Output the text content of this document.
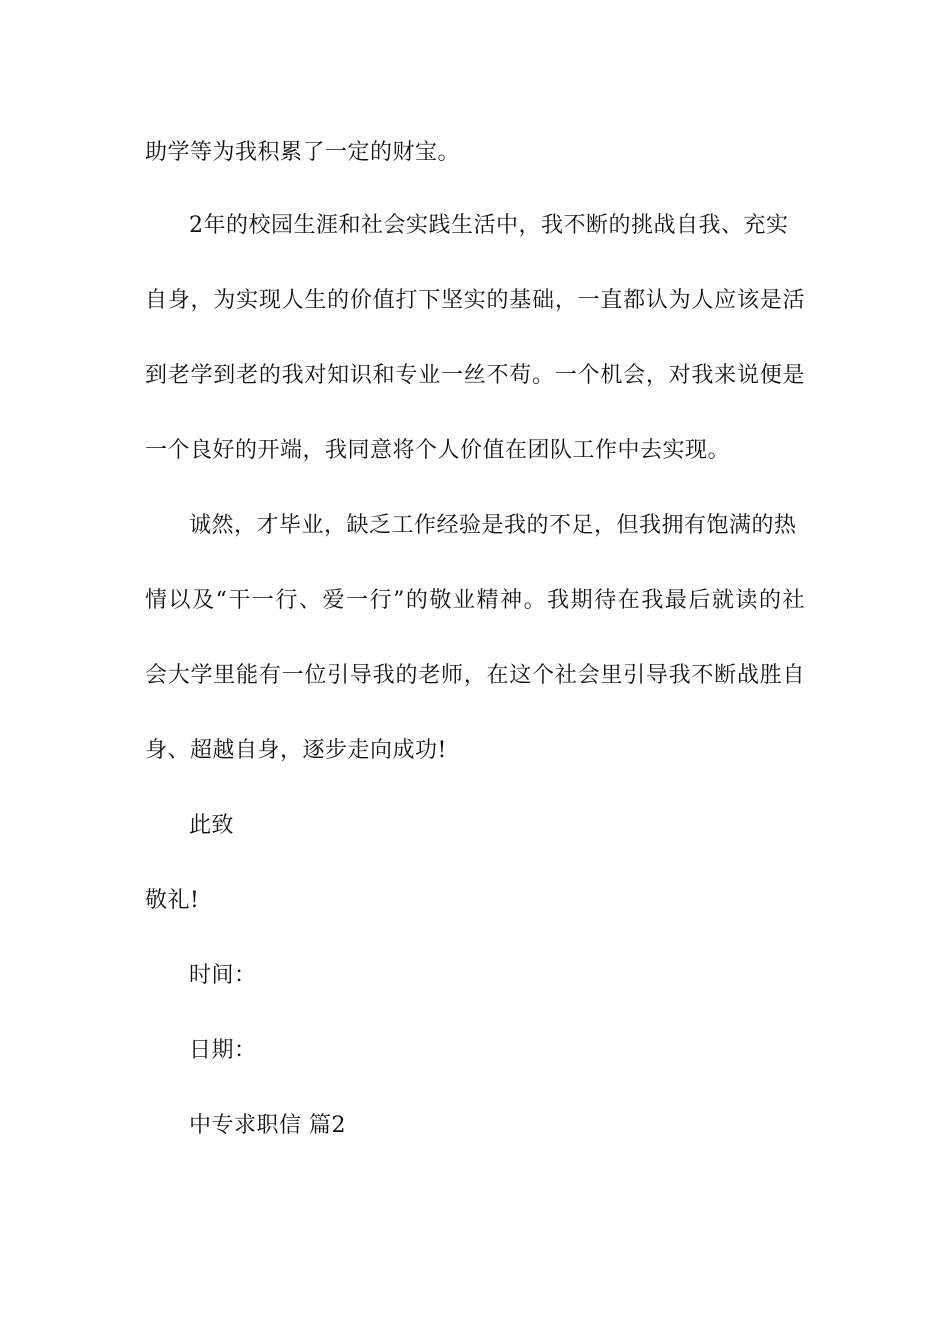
助学等为我积累了一定的财宝。
2年的校园生涯和社会实践生活中，我不断的挑战自我、充实
自身，为实现人生的价值打下坚实的基础，一直都认为人应该是活
到老学到老的我对知识和专业一丝不苟。一个机会，对我来说便是
一个良好的开端，我同意将个人价值在团队工作中去实现。
诚然，才毕业，缺乏工作经验是我的不足，但我拥有饱满的热
情以及“干一行、爱一行”的敬业精神。我期待在我最后就读的社
会大学里能有一位引导我的老师，在这个社会里引导我不断战胜自
身、超越自身，逐步走向成功!
此致
敬礼!
时间：
日期：
中专求职信 篇2
